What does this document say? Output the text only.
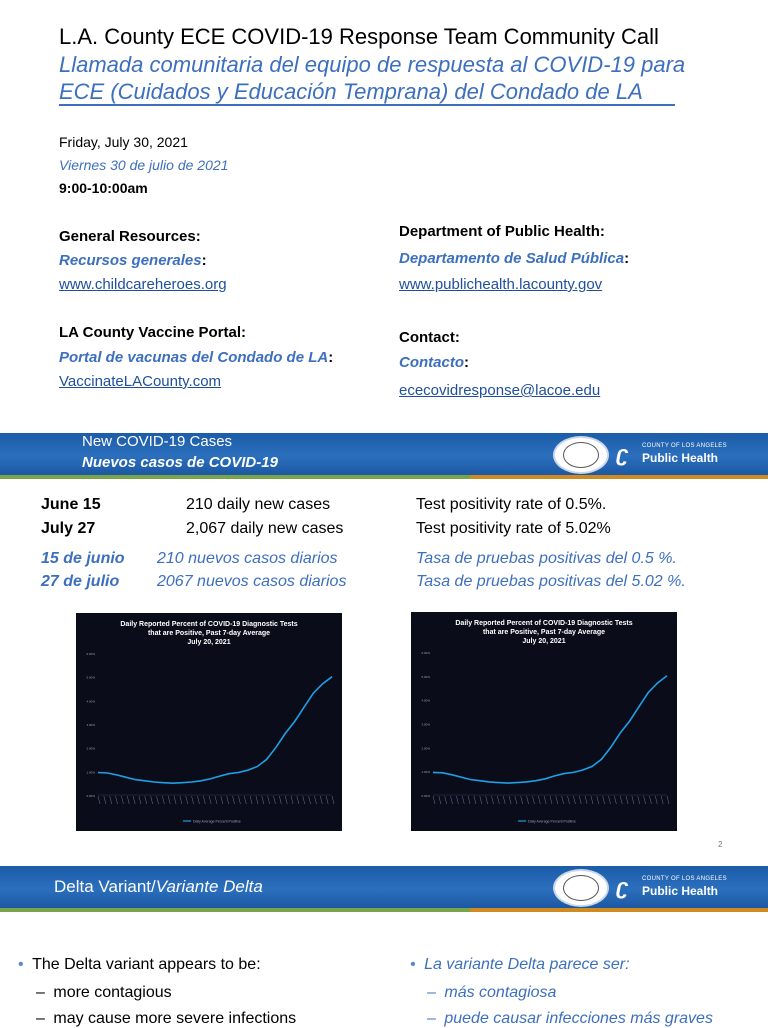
L.A. County ECE COVID-19 Response Team Community Call
Llamada comunitaria del equipo de respuesta al COVID-19 para ECE (Cuidados y Educación Temprana) del Condado de LA
Friday, July 30, 2021
Viernes 30 de julio de 2021
9:00-10:00am
General Resources:
Recursos generales:
www.childcareheroes.org
LA County Vaccine Portal:
Portal de vacunas del Condado de LA:
VaccinateLACounty.com
Department of Public Health:
Departamento de Salud Pública:
www.publichealth.lacounty.gov
Contact:
Contacto:
ececovidresponse@lacoe.edu
New COVID-19 Cases
Nuevos casos de COVID-19	ʗ COUNTY OF LOS ANGELES
Public Health
June 15	210 daily new cases	Test positivity rate of 0.5%.
July 27	2,067 daily new cases	Test positivity rate of 5.02%
15 de junio 210 nuevos casos diarios	Tasa de pruebas positivas del 0.5 %.
27 de julio 2067 nuevos casos diarios	Tasa de pruebas positivas del 5.02 %.
Daily Reported Percent of COVID-19 Diagnostic Tests
that are Positive, Past 7-day Average
July 20, 2021
0.00%
1.00%
2.00%
3.00%
4.00%
5.00%
6.00%
Daily Average Percent Positive
Daily Reported Percent of COVID-19 Diagnostic Tests
that are Positive, Past 7-day Average
July 20, 2021
0.00%
1.00%
2.00%
3.00%
4.00%
5.00%
6.00%
Daily Average Percent Positive
2
Delta Variant/Variante Delta	ʗ COUNTY OF LOS ANGELES
Public Health
• The Delta variant appears to be:
– more contagious
– may cause more severe infections
• La variante Delta parece ser:
– más contagiosa
– puede causar infecciones más graves
